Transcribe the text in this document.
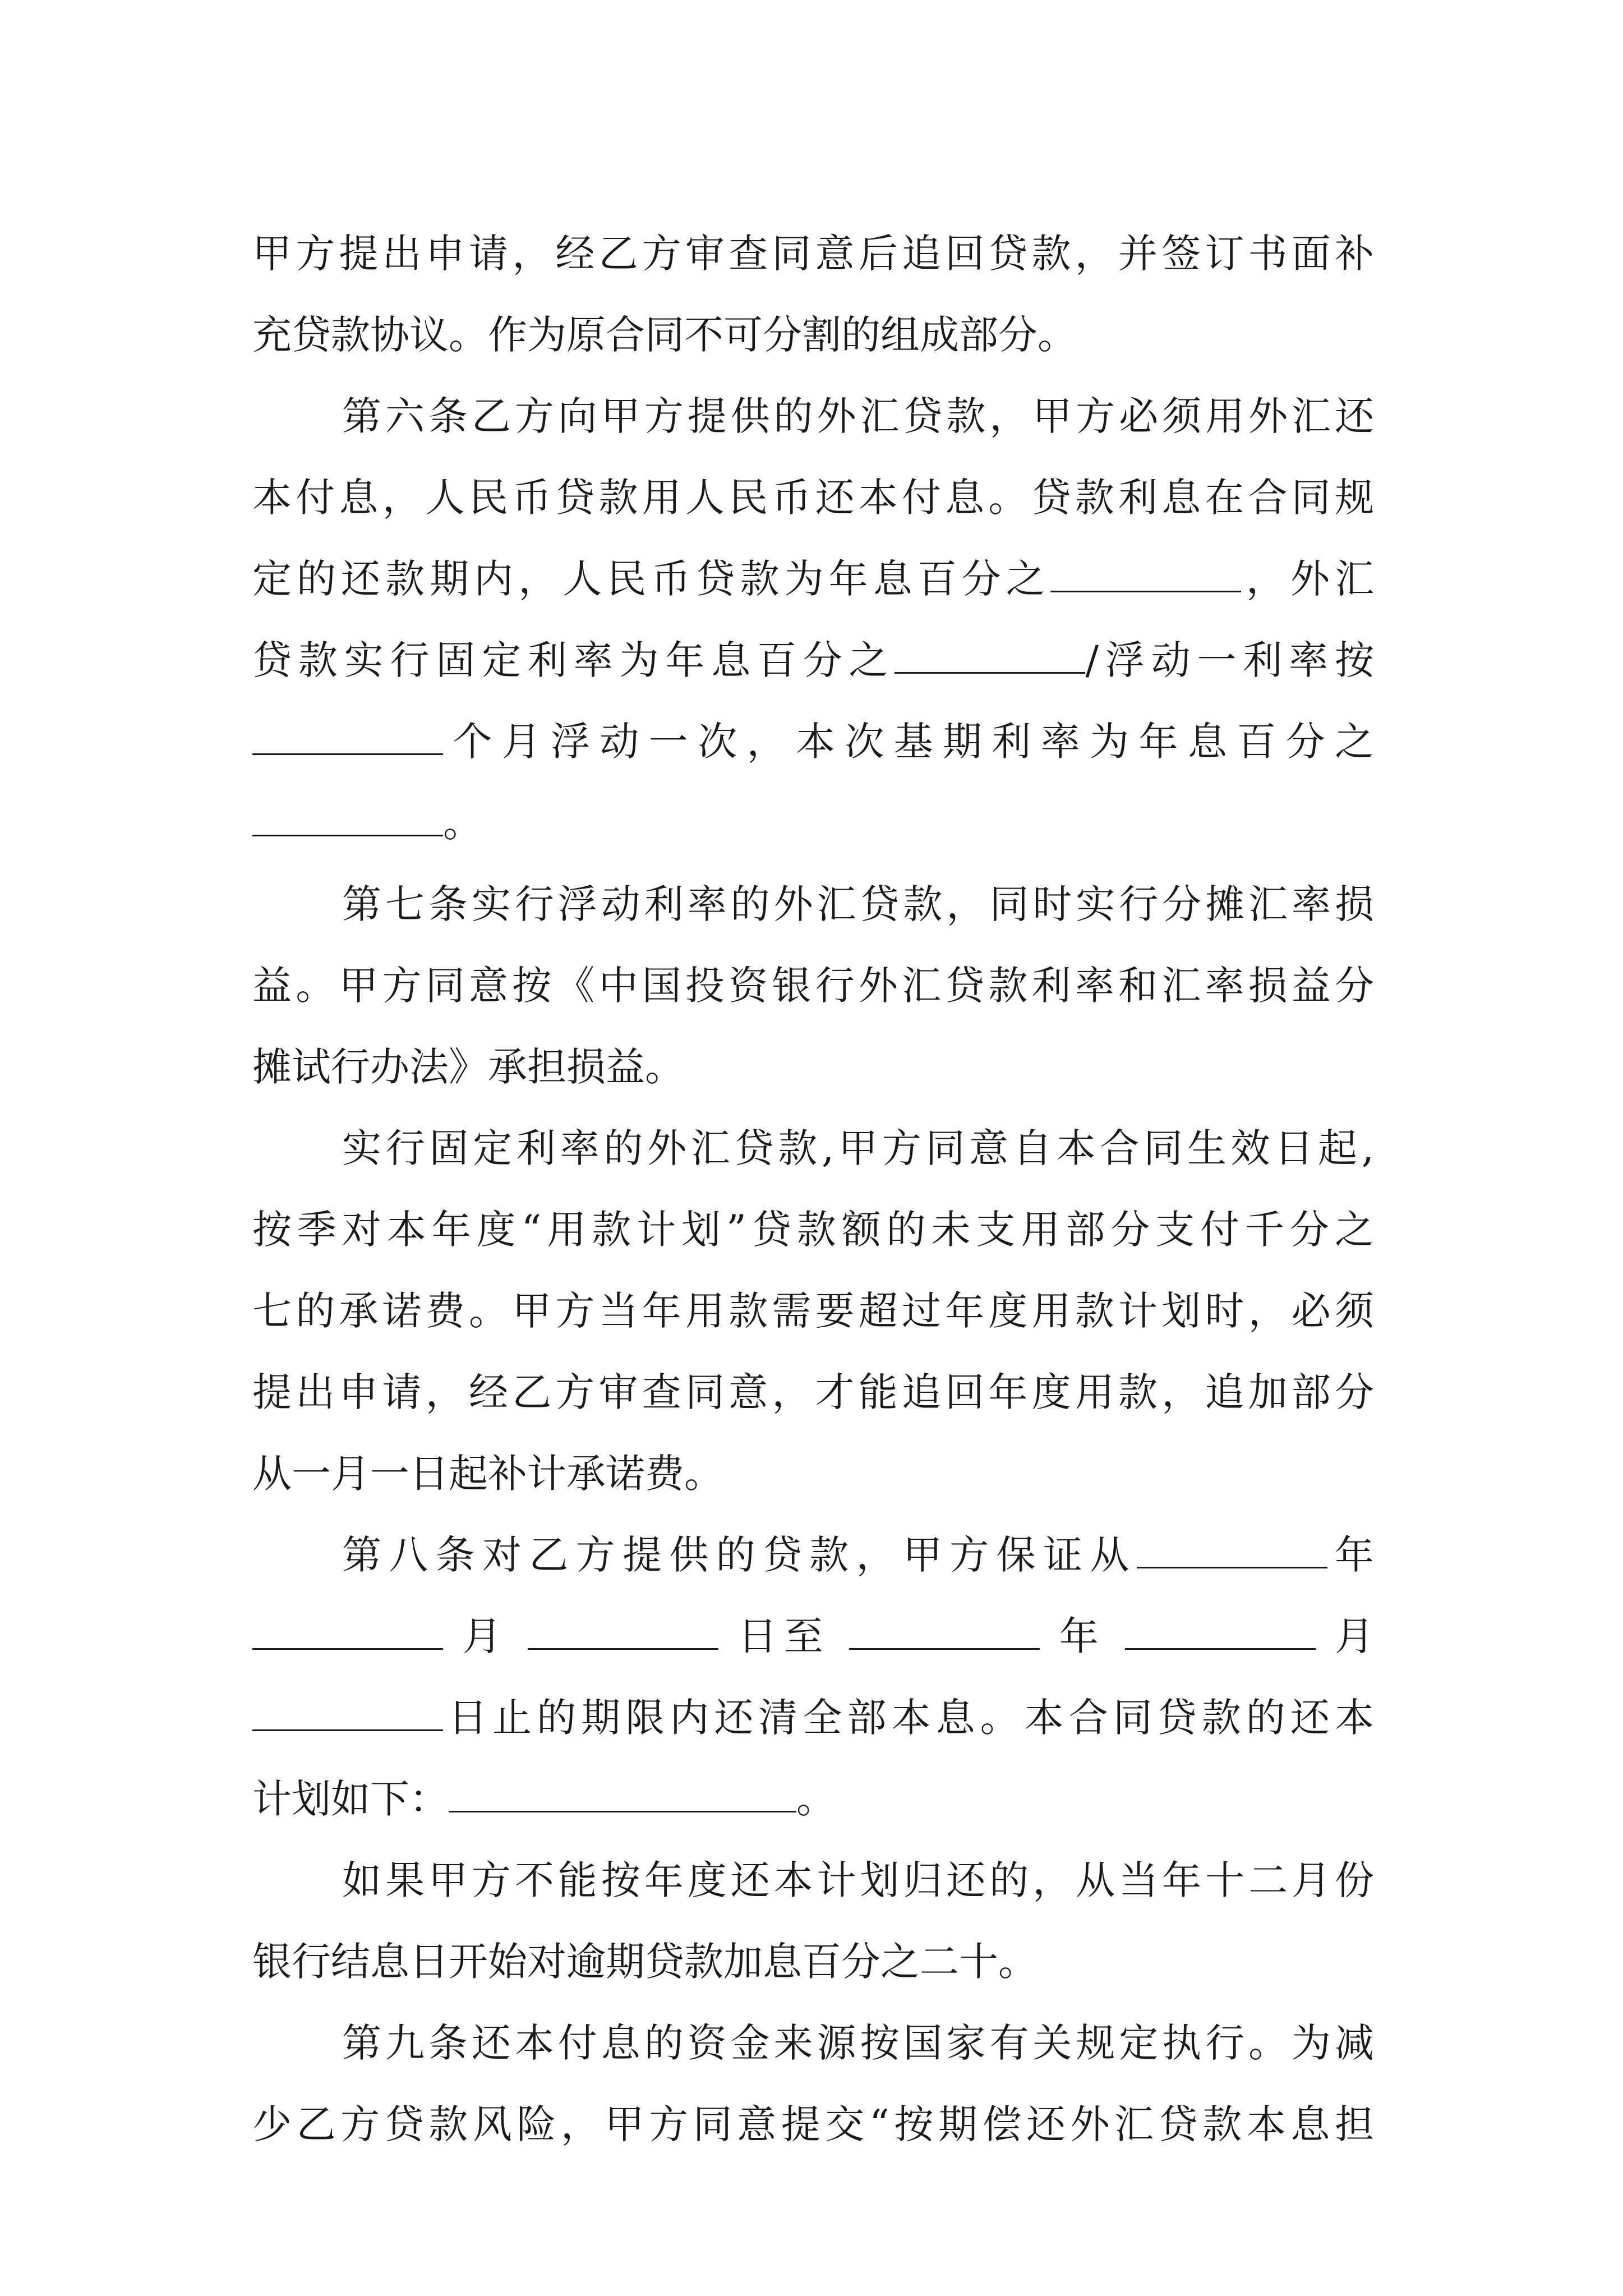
甲方提出申请，经乙方审查同意后追回贷款，并签订书面补
充贷款协议。作为原合同不可分割的组成部分。
第六条乙方向甲方提供的外汇贷款，甲方必须用外汇还
本付息，人民币贷款用人民币还本付息。贷款利息在合同规
定的还款期内，人民币贷款为年息百分之	，外汇
贷款实行固定利率为年息百分之	/浮动一利率按
个月浮动一次，本次基期利率为年息百分之
。
第七条实行浮动利率的外汇贷款，同时实行分摊汇率损
益。甲方同意按《中国投资银行外汇贷款利率和汇率损益分
摊试行办法》承担损益。
实行固定利率的外汇贷款,甲方同意自本合同生效日起,
按季对本年度“用款计划”贷款额的未支用部分支付千分之
七的承诺费。甲方当年用款需要超过年度用款计划时，必须
提出申请，经乙方审查同意，才能追回年度用款，追加部分
从一月一日起补计承诺费。
第八条对乙方提供的贷款，甲方保证从	年
月	日至	年	月
日止的期限内还清全部本息。本合同贷款的还本
计划如下：	。
如果甲方不能按年度还本计划归还的，从当年十二月份
银行结息日开始对逾期贷款加息百分之二十。
第九条还本付息的资金来源按国家有关规定执行。为减
少乙方贷款风险，甲方同意提交“按期偿还外汇贷款本息担
